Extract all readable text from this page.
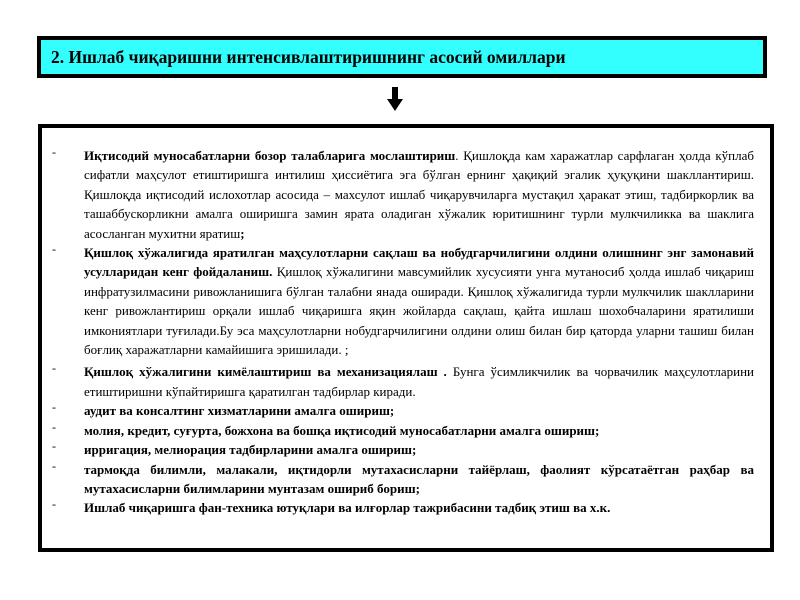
2. Ишлаб чиқаришни интенсивлаштиришнинг асосий омиллари
- Иқтисодий муносабатларни бозор талабларига мослаштириш. Қишлоқда кам харажатлар сарфлаган ҳолда кўплаб сифатли маҳсулот етиштиришга интилиш ҳиссиётига эга бўлган ернинг ҳақиқий эгалик ҳуқуқини шакллантириш. Қишлоқда иқтисодий ислохотлар асосида – махсулот ишлаб чиқарувчиларга мустақил ҳаракат этиш, тадбиркорлик ва ташаббускорликни амалга оширишга замин ярата оладиган хўжалик юритишнинг турли мулкчиликка ва шаклига асосланган мухитни яратиш;
- Қишлоқ хўжалигида яратилган маҳсулотларни сақлаш ва нобудгарчилигини олдини олишнинг энг замонавий усулларидан кенг фойдаланиш. Қишлоқ хўжалигини мавсумийлик хусусияти унга мутаносиб ҳолда ишлаб чиқариш инфратузилмасини ривожланишига бўлган талабни янада оширади. Қишлоқ хўжалигида турли мулкчилик шаклларини кенг ривожлантириш орқали ишлаб чиқаришга яқин жойларда сақлаш, қайта ишлаш шохобчаларини яратилиши имкониятлари туғилади.Бу эса маҳсулотларни нобудгарчилигини олдини олиш билан бир қаторда уларни ташиш билан боғлиқ харажатларни камайишига эришилади. ;
- Қишлоқ хўжалигини кимёлаштириш ва механизациялаш . Бунга ўсимликчилик ва чорвачилик маҳсулотларини етиштиришни кўпайтиришга қаратилган тадбирлар киради.
- аудит ва консалтинг хизматларини амалга ошириш;
- молия, кредит, суғурта, божхона ва бошқа иқтисодий муносабатларни амалга ошириш;
- ирригация, мелиорация тадбирларини амалга ошириш;
- тармоқда билимли, малакали, иқтидорли мутахасисларни тайёрлаш, фаолият кўрсатаётган раҳбар ва мутахасисларни билимларини мунтазам ошириб бориш;
- Ишлаб чиқаришга фан-техника ютуқлари ва илғорлар тажрибасини тадбиқ этиш ва х.к.
